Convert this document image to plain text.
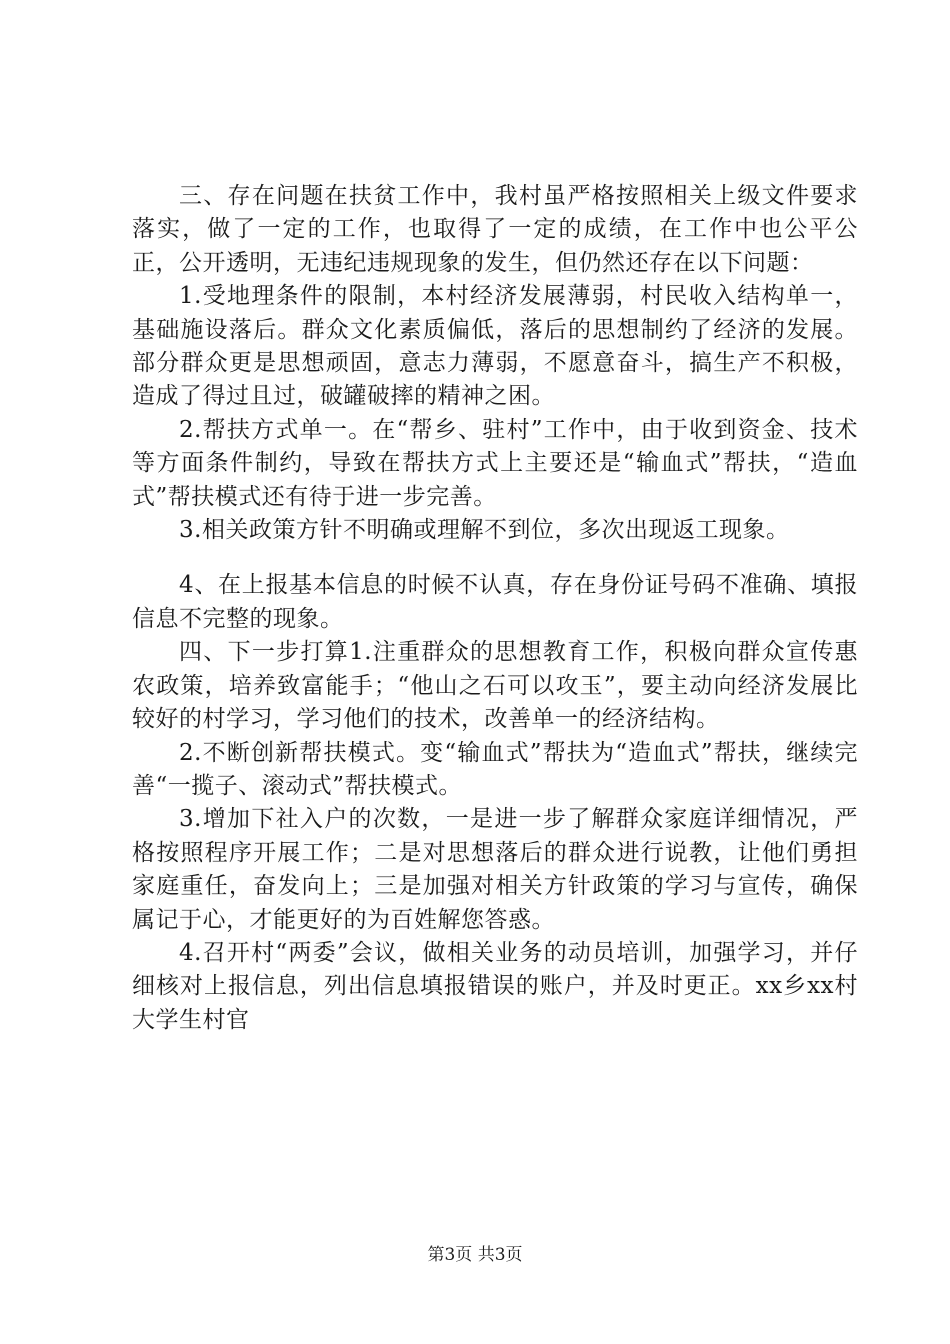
三、存在问题在扶贫工作中，我村虽严格按照相关上级文件要求落实，做了一定的工作，也取得了一定的成绩，在工作中也公平公正，公开透明，无违纪违规现象的发生，但仍然还存在以下问题：

1.受地理条件的限制，本村经济发展薄弱，村民收入结构单一，基础施设落后。群众文化素质偏低，落后的思想制约了经济的发展。部分群众更是思想顽固，意志力薄弱，不愿意奋斗，搞生产不积极，造成了得过且过，破罐破摔的精神之困。

2.帮扶方式单一。在“帮乡、驻村”工作中，由于收到资金、技术等方面条件制约，导致在帮扶方式上主要还是“输血式”帮扶，“造血式”帮扶模式还有待于进一步完善。

3.相关政策方针不明确或理解不到位，多次出现返工现象。

4、在上报基本信息的时候不认真，存在身份证号码不准确、填报信息不完整的现象。

四、下一步打算1.注重群众的思想教育工作，积极向群众宣传惠农政策，培养致富能手；“他山之石可以攻玉”，要主动向经济发展比较好的村学习，学习他们的技术，改善单一的经济结构。

2.不断创新帮扶模式。变“输血式”帮扶为“造血式”帮扶，继续完善“一揽子、滚动式”帮扶模式。

3.增加下社入户的次数，一是进一步了解群众家庭详细情况，严格按照程序开展工作；二是对思想落后的群众进行说教，让他们勇担家庭重任，奋发向上；三是加强对相关方针政策的学习与宣传，确保属记于心，才能更好的为百姓解您答惑。

4.召开村“两委”会议，做相关业务的动员培训，加强学习，并仔细核对上报信息，列出信息填报错误的账户，并及时更正。xx乡xx村大学生村官

第3页 共3页
